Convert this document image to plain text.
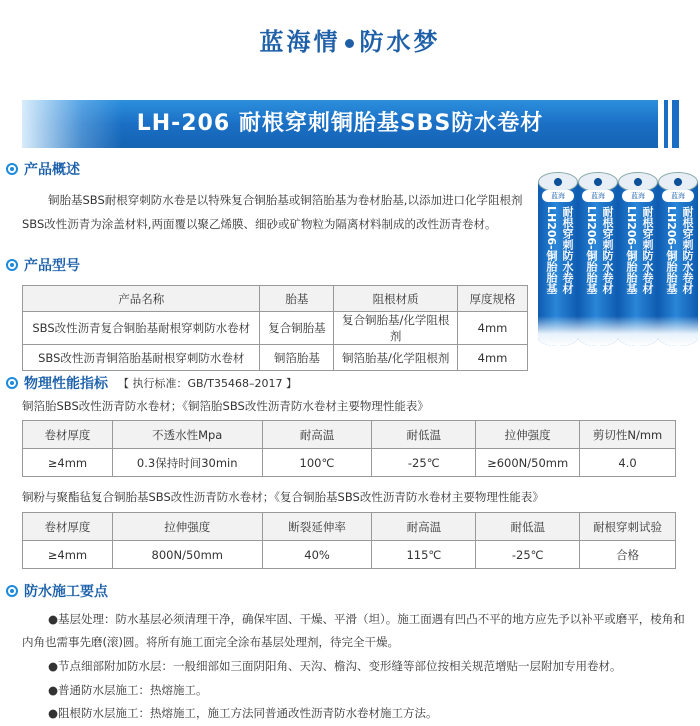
蓝海情 防水梦
LH-206 耐根穿刺铜胎基SBS防水卷材
产品概述
铜胎基SBS耐根穿刺防水卷是以特殊复合铜胎基或铜箔胎基为卷材胎基,以添加进口化学阻根剂
SBS改性沥青为涂盖材料,两面覆以聚乙烯膜、细砂或矿物粒为隔离材料制成的改性沥青卷材。
蓝海
耐根穿刺防水卷材 LH206-铜胎胎基
蓝海
耐根穿刺防水卷材 LH206-铜胎胎基
蓝海
耐根穿刺防水卷材 LH206-铜胎胎基
蓝海
耐根穿刺防水卷材 LH206-铜胎胎基
产品型号
产品名称	胎基	阻根材质	厚度规格
SBS改性沥青复合铜胎基耐根穿刺防水卷材	复合铜胎基	复合铜胎基/化学阻根剂	4mm
SBS改性沥青铜箔胎基耐根穿刺防水卷材	铜箔胎基	铜箔胎基/化学阻根剂	4mm
物理性能指标 【 执行标准：GB/T35468–2017 】
铜箔胎SBS改性沥青防水卷材；《铜箔胎SBS改性沥青防水卷材主要物理性能表》
卷材厚度	不透水性Mpa	耐高温	耐低温	拉伸强度	剪切性N/mm
≥4mm	0.3保持时间30min	100℃	-25℃	≥600N/50mm	4.0
铜粉与聚酯毡复合铜胎基SBS改性沥青防水卷材；《复合铜胎基SBS改性沥青防水卷材主要物理性能表》
卷材厚度	拉伸强度	断裂延伸率	耐高温	耐低温	耐根穿刺试验
≥4mm	800N/50mm	40%	115℃	-25℃	合格
防水施工要点
●基层处理：防水基层必须清理干净，确保牢固、干燥、平滑（坦）。施工面遇有凹凸不平的地方应先予以补平或磨平，棱角和
内角也需事先磨(滚)圆。将所有施工面完全涂布基层处理剂，待完全干燥。
●节点细部附加防水层：一般细部如三面阴阳角、天沟、檐沟、变形缝等部位按相关规范增贴一层附加专用卷材。
●普通防水层施工：热熔施工。
●阻根防水层施工：热熔施工，施工方法同普通改性沥青防水卷材施工方法。
